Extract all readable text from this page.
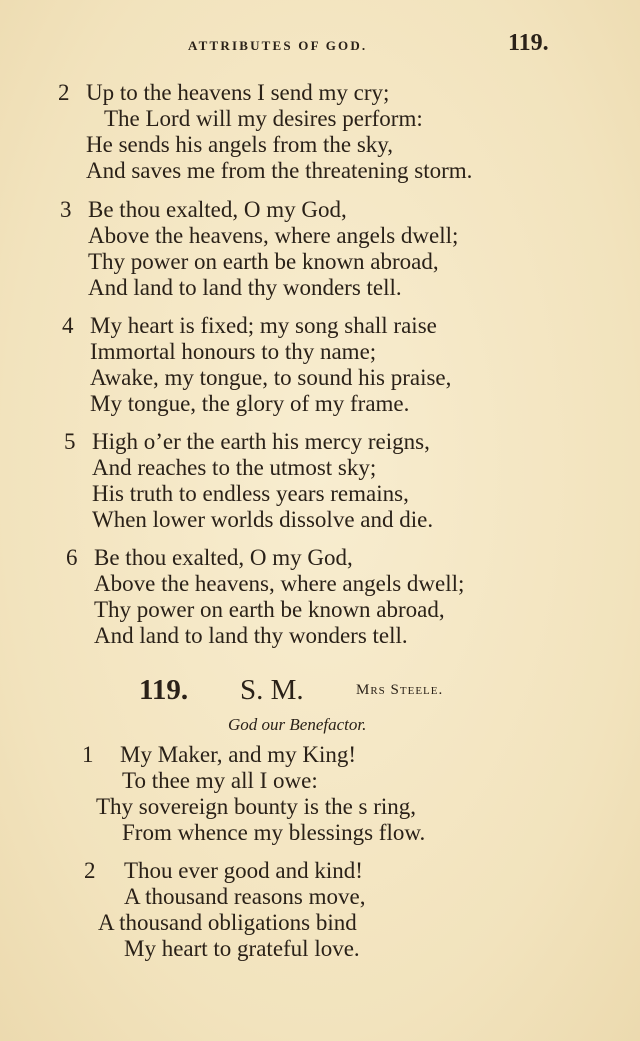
ATTRIBUTES OF GOD.	119.
2 Up to the heavens I send my cry;
The Lord will my desires perform:
He sends his angels from the sky,
And saves me from the threatening storm.
3 Be thou exalted, O my God,
Above the heavens, where angels dwell;
Thy power on earth be known abroad,
And land to land thy wonders tell.
4 My heart is fixed; my song shall raise
Immortal honours to thy name;
Awake, my tongue, to sound his praise,
My tongue, the glory of my frame.
5 High o’er the earth his mercy reigns,
And reaches to the utmost sky;
His truth to endless years remains,
When lower worlds dissolve and die.
6 Be thou exalted, O my God,
Above the heavens, where angels dwell;
Thy power on earth be known abroad,
And land to land thy wonders tell.
119. S. M.	Mrs Steele.
God our Benefactor.
1 My Maker, and my King!
To thee my all I owe:
Thy sovereign bounty is the s ring,
From whence my blessings flow.
2 Thou ever good and kind!
A thousand reasons move,
A thousand obligations bind
My heart to grateful love.
